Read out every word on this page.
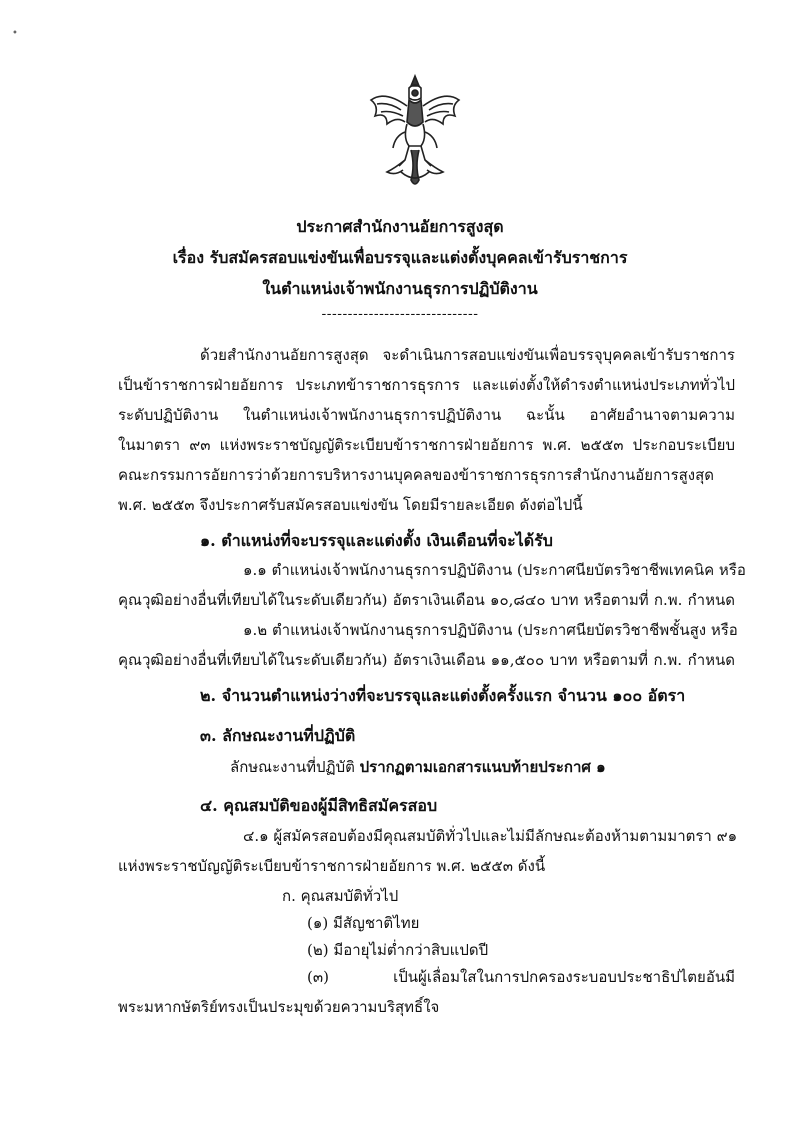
•
ประกาศสำนักงานอัยการสูงสุด
เรื่อง รับสมัครสอบแข่งขันเพื่อบรรจุและแต่งตั้งบุคคลเข้ารับราชการ
ในตำแหน่งเจ้าพนักงานธุรการปฏิบัติงาน
------------------------------
ด้วยสำนักงานอัยการสูงสุด จะดำเนินการสอบแข่งขันเพื่อบรรจุบุคคลเข้ารับราชการ
เป็นข้าราชการฝ่ายอัยการ ประเภทข้าราชการธุรการ และแต่งตั้งให้ดำรงตำแหน่งประเภททั่วไป
ระดับปฏิบัติงาน ในตำแหน่งเจ้าพนักงานธุรการปฏิบัติงาน ฉะนั้น อาศัยอำนาจตามความ
ในมาตรา ๙๓ แห่งพระราชบัญญัติระเบียบข้าราชการฝ่ายอัยการ พ.ศ. ๒๕๕๓ ประกอบระเบียบ
คณะกรรมการอัยการว่าด้วยการบริหารงานบุคคลของข้าราชการธุรการสำนักงานอัยการสูงสุด
พ.ศ. ๒๕๕๓ จึงประกาศรับสมัครสอบแข่งขัน โดยมีรายละเอียด ดังต่อไปนี้
๑. ตำแหน่งที่จะบรรจุและแต่งตั้ง เงินเดือนที่จะได้รับ
๑.๑ ตำแหน่งเจ้าพนักงานธุรการปฏิบัติงาน (ประกาศนียบัตรวิชาชีพเทคนิค หรือ
คุณวุฒิอย่างอื่นที่เทียบได้ในระดับเดียวกัน) อัตราเงินเดือน ๑๐,๘๔๐ บาท หรือตามที่ ก.พ. กำหนด
๑.๒ ตำแหน่งเจ้าพนักงานธุรการปฏิบัติงาน (ประกาศนียบัตรวิชาชีพชั้นสูง หรือ
คุณวุฒิอย่างอื่นที่เทียบได้ในระดับเดียวกัน) อัตราเงินเดือน ๑๑,๕๐๐ บาท หรือตามที่ ก.พ. กำหนด
๒. จำนวนตำแหน่งว่างที่จะบรรจุและแต่งตั้งครั้งแรก จำนวน ๑๐๐ อัตรา
๓. ลักษณะงานที่ปฏิบัติ
ลักษณะงานที่ปฏิบัติ ปรากฏตามเอกสารแนบท้ายประกาศ ๑
๔. คุณสมบัติของผู้มีสิทธิสมัครสอบ
๔.๑ ผู้สมัครสอบต้องมีคุณสมบัติทั่วไปและไม่มีลักษณะต้องห้ามตามมาตรา ๙๑
แห่งพระราชบัญญัติระเบียบข้าราชการฝ่ายอัยการ พ.ศ. ๒๕๕๓ ดังนี้
ก. คุณสมบัติทั่วไป
(๑) มีสัญชาติไทย
(๒) มีอายุไม่ต่ำกว่าสิบแปดปี
(๓) เป็นผู้เลื่อมใสในการปกครองระบอบประชาธิปไตยอันมี
พระมหากษัตริย์ทรงเป็นประมุขด้วยความบริสุทธิ์ใจ
